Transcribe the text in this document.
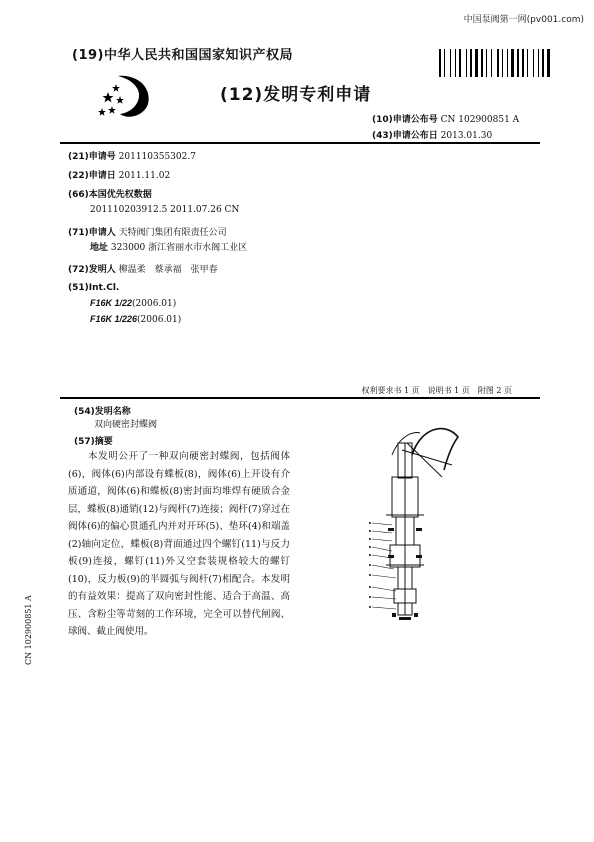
中国泵阀第一网(pv001.com)
(19)中华人民共和国国家知识产权局
(12)发明专利申请
(10)申请公布号 CN 102900851 A
(43)申请公布日 2013.01.30
(21)申请号 201110355302.7
(22)申请日 2011.11.02
(66)本国优先权数据
201110203912.5 2011.07.26 CN
(71)申请人 天特阀门集团有限责任公司
地址 323000 浙江省丽水市水阁工业区
(72)发明人 柳温柔　蔡承福　张甲春
(51)Int.Cl.
F16K 1/22(2006.01)
F16K 1/226(2006.01)
权利要求书 1 页　说明书 1 页　附图 2 页
(54)发明名称
双向硬密封蝶阀
(57)摘要
本发明公开了一种双向硬密封蝶阀，包括阀体(6)，阀体(6)内部设有蝶板(8)，阀体(6)上开设有介质通道，阀体(6)和蝶板(8)密封面均堆焊有硬质合金层，蝶板(8)通销(12)与阀杆(7)连接；阀杆(7)穿过在阀体(6)的偏心贯通孔内并对开环(5)、垫环(4)和端盖(2)轴向定位，蝶板(8)背面通过四个螺钉(11)与反力板(9)连接，螺钉(11)外又空套装规格较大的螺钉(10)，反力板(9)的半圆弧与阀杆(7)相配合。本发明的有益效果：提高了双向密封性能、适合于高温、高压、含粉尘等苛刻的工作环境，完全可以替代闸阀、球阀、截止阀使用。
CN 102900851 A
